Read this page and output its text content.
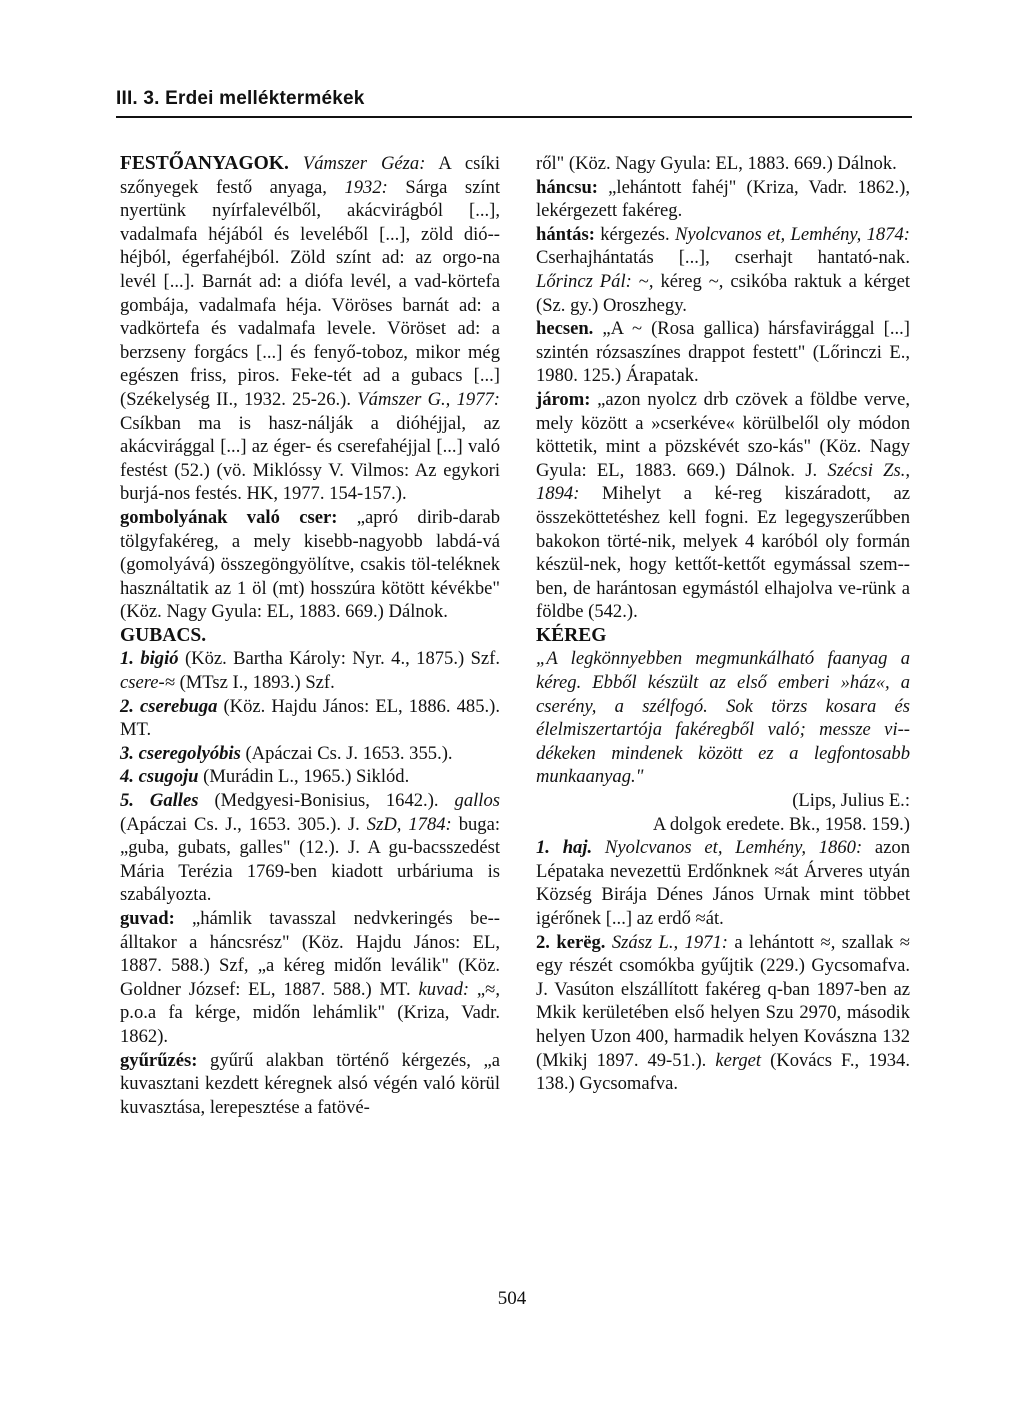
III. 3. Erdei melléktermékek

FESTŐANYAGOK. Vámszer Géza: A csíki szőnyegek festő anyaga, 1932: Sárga színt nyertünk nyírfalevélből, akácvirágból [...], vadalmafa héjából és leveléből [...], zöld dió-héjból, égerfahéjból. Zöld színt ad: az orgo-na levél [...]. Barnát ad: a diófa levél, a vad-körtefa gombája, vadalmafa héja. Vöröses barnát ad: a vadkörtefa és vadalmafa levele. Vöröset ad: a berzseny forgács [...] és fenyő-toboz, mikor még egészen friss, piros. Feke-tét ad a gubacs [...] (Székelység II., 1932. 25-26.). Vámszer G., 1977: Csíkban ma is hasz-nálják a dióhéjjal, az akácvirággal [...] az éger- és cserefahéjjal [...] való festést (52.) (vö. Miklóssy V. Vilmos: Az egykori burjá-nos festés. HK, 1977. 154-157.).

gombolyának való cser: „apró dirib-darab tölgyfakéreg, a mely kisebb-nagyobb labdá-vá (gomolyává) összegöngyölítve, csakis töl-teléknek használtatik az 1 öl (mt) hosszúra kötött kévékbe" (Köz. Nagy Gyula: EL, 1883. 669.) Dálnok.

GUBACS.

1. bigió (Köz. Bartha Károly: Nyr. 4., 1875.) Szf. csere-≈ (MTsz I., 1893.) Szf.

2. cserebuga (Köz. Hajdu János: EL, 1886. 485.). MT.

3. cseregolyóbis (Apáczai Cs. J. 1653. 355.).

4. csugoju (Murádin L., 1965.) Siklód.

5. Galles (Medgyesi-Bonisius, 1642.). gallos (Apáczai Cs. J., 1653. 305.). J. SzD, 1784: buga: „guba, gubats, galles" (12.). J. A gu-bacsszedést Mária Terézia 1769-ben kiadott urbáriuma is szabályozta.

guvad: „hámlik tavasszal nedvkeringés be-álltakor a háncsrész" (Köz. Hajdu János: EL, 1887. 588.) Szf, „a kéreg midőn leválik" (Köz. Goldner József: EL, 1887. 588.) MT. kuvad: „≈, p.o.a fa kérge, midőn lehámlik" (Kriza, Vadr. 1862).

gyűrűzés: gyűrű alakban történő kérgezés, „a kuvasztani kezdett kéregnek alsó végén való körül kuvasztása, lerepesztése a fatövé-

ről" (Köz. Nagy Gyula: EL, 1883. 669.) Dálnok.

háncsu: „lehántott fahéj" (Kriza, Vadr. 1862.), lekérgezett fakéreg.

hántás: kérgezés. Nyolcvanos et, Lemhény, 1874: Cserhajhántatás [...], cserhajt hantató-nak. Lőrincz Pál: ~, kéreg ~, csikóba raktuk a kérget (Sz. gy.) Oroszhegy.

hecsen. „A ~ (Rosa gallica) hársfavirággal [...] szintén rózsaszínes drappot festett" (Lőrinczi E., 1980. 125.) Árapatak.

járom: „azon nyolcz drb czövek a földbe verve, mely között a »cserkéve« körülbelől oly módon köttetik, mint a pözskévét szo-kás" (Köz. Nagy Gyula: EL, 1883. 669.) Dálnok. J. Szécsi Zs., 1894: Mihelyt a ké-reg kiszáradott, az összeköttetéshez kell fogni. Ez legegyszerűbben bakokon törté-nik, melyek 4 karóból oly formán készül-nek, hogy kettőt-kettőt egymással szem-ben, de harántosan egymástól elhajolva ve-rünk a földbe (542.).

KÉREG

„A legkönnyebben megmunkálható faanyag a kéreg. Ebből készült az első emberi »ház«, a cserény, a szélfogó. Sok törzs kosara és élelmiszertartója fakéregből való; messze vi-dékeken mindenek között ez a legfontosabb munkaanyag."

(Lips, Julius E.:

A dolgok eredete. Bk., 1958. 159.)

1. haj. Nyolcvanos et, Lemhény, 1860: azon Lépataka nevezettü Erdőnknek ≈át Árveres utyán Község Birája Dénes János Urnak mint többet igérőnek [...] az erdő ≈át.

2. kerëg. Szász L., 1971: a lehántott ≈, szallak ≈ egy részét csomókba gyűjtik (229.) Gycsomafva. J. Vasúton elszállított fakéreg q-ban 1897-ben az Mkik kerületében első helyen Szu 2970, második helyen Uzon 400, harmadik helyen Kovászna 132 (Mkikj 1897. 49-51.). kerget (Kovács F., 1934. 138.) Gycsomafva.

504
